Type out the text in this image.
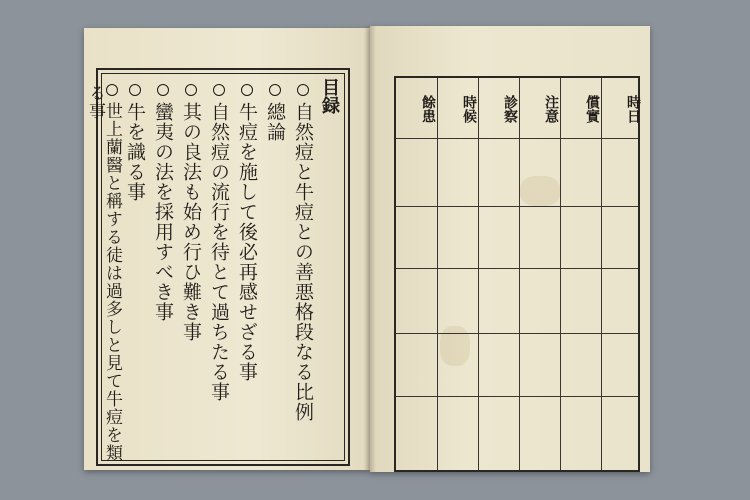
目録
自然痘と牛痘との善悪格段なる比例
總論
牛痘を施して後必再感せざる事
自然痘の流行を待とて過ちたる事
其の良法も始め行ひ難き事
蠻夷の法を採用すべき事
牛を識る事
世上蘭醫と稱する徒は過多しと見て牛痘を類る事	時日
償實
注意
診察
時候
餘患
